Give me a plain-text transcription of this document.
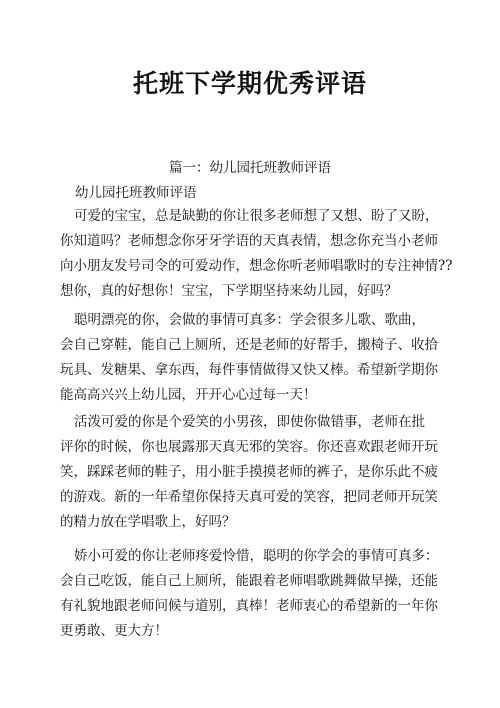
托班下学期优秀评语
篇一：幼儿园托班教师评语

幼儿园托班教师评语

可爱的宝宝，总是缺勤的你让很多老师想了又想、盼了又盼，
你知道吗？老师想念你牙牙学语的天真表情，想念你充当小老师
向小朋友发号司令的可爱动作，想念你听老师唱歌时的专注神情??
想你，真的好想你！宝宝，下学期坚持来幼儿园，好吗？

聪明漂亮的你，会做的事情可真多：学会很多儿歌、歌曲，
会自己穿鞋，能自己上厕所，还是老师的好帮手，搬椅子、收拾
玩具、发糖果、拿东西，每件事情做得又快又棒。希望新学期你
能高高兴兴上幼儿园，开开心心过每一天！

活泼可爱的你是个爱笑的小男孩，即使你做错事，老师在批
评你的时候，你也展露那天真无邪的笑容。你还喜欢跟老师开玩
笑，踩踩老师的鞋子，用小脏手摸摸老师的裤子，是你乐此不疲
的游戏。新的一年希望你保持天真可爱的笑容，把同老师开玩笑
的精力放在学唱歌上，好吗？

娇小可爱的你让老师疼爱怜惜，聪明的你学会的事情可真多：
会自己吃饭，能自己上厕所，能跟着老师唱歌跳舞做早操，还能
有礼貌地跟老师问候与道别，真棒！老师衷心的希望新的一年你
更勇敢、更大方！
